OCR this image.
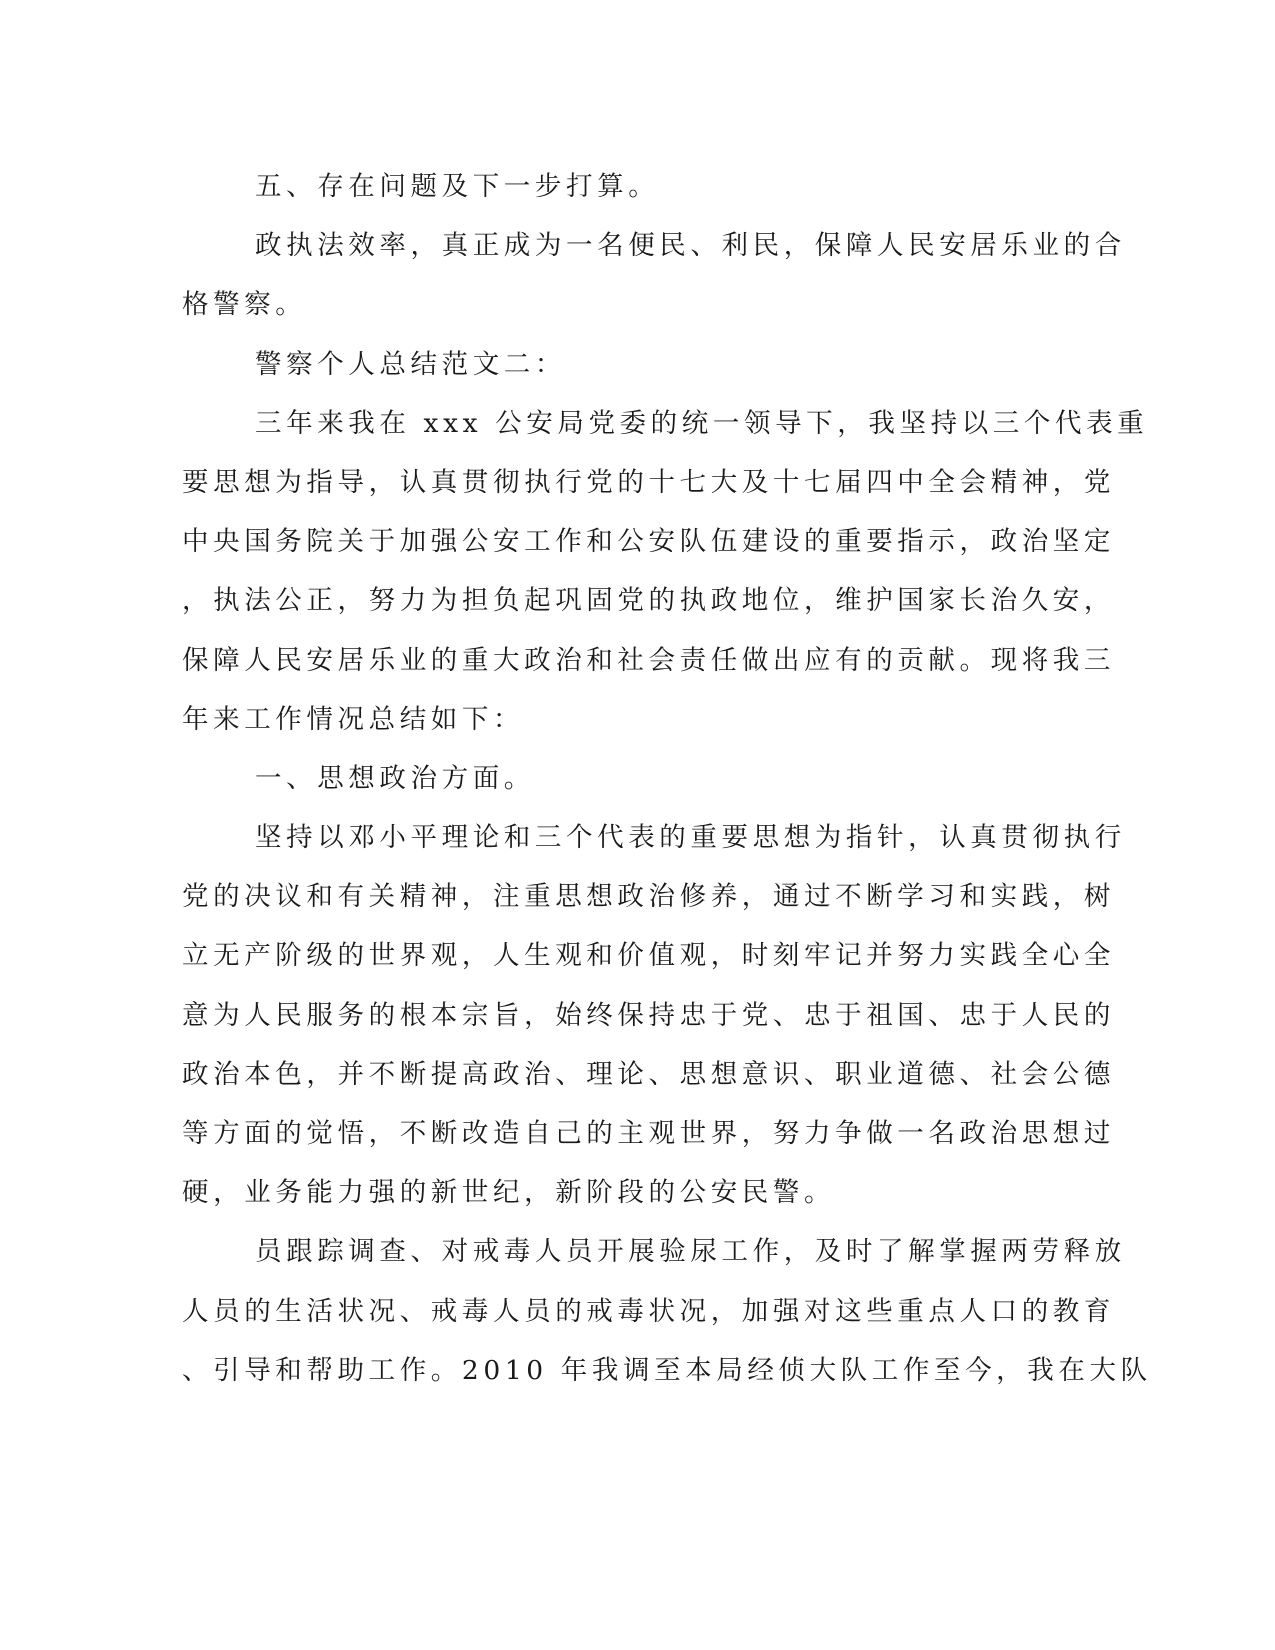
五、存在问题及下一步打算。
政执法效率，真正成为一名便民、利民，保障人民安居乐业的合
格警察。
警察个人总结范文二：
三年来我在 xxx 公安局党委的统一领导下，我坚持以三个代表重
要思想为指导，认真贯彻执行党的十七大及十七届四中全会精神，党
中央国务院关于加强公安工作和公安队伍建设的重要指示，政治坚定
，执法公正，努力为担负起巩固党的执政地位，维护国家长治久安，
保障人民安居乐业的重大政治和社会责任做出应有的贡献。现将我三
年来工作情况总结如下：
一、思想政治方面。
坚持以邓小平理论和三个代表的重要思想为指针，认真贯彻执行
党的决议和有关精神，注重思想政治修养，通过不断学习和实践，树
立无产阶级的世界观，人生观和价值观，时刻牢记并努力实践全心全
意为人民服务的根本宗旨，始终保持忠于党、忠于祖国、忠于人民的
政治本色，并不断提高政治、理论、思想意识、职业道德、社会公德
等方面的觉悟，不断改造自己的主观世界，努力争做一名政治思想过
硬，业务能力强的新世纪，新阶段的公安民警。
员跟踪调查、对戒毒人员开展验尿工作，及时了解掌握两劳释放
人员的生活状况、戒毒人员的戒毒状况，加强对这些重点人口的教育
、引导和帮助工作。2010 年我调至本局经侦大队工作至今，我在大队
